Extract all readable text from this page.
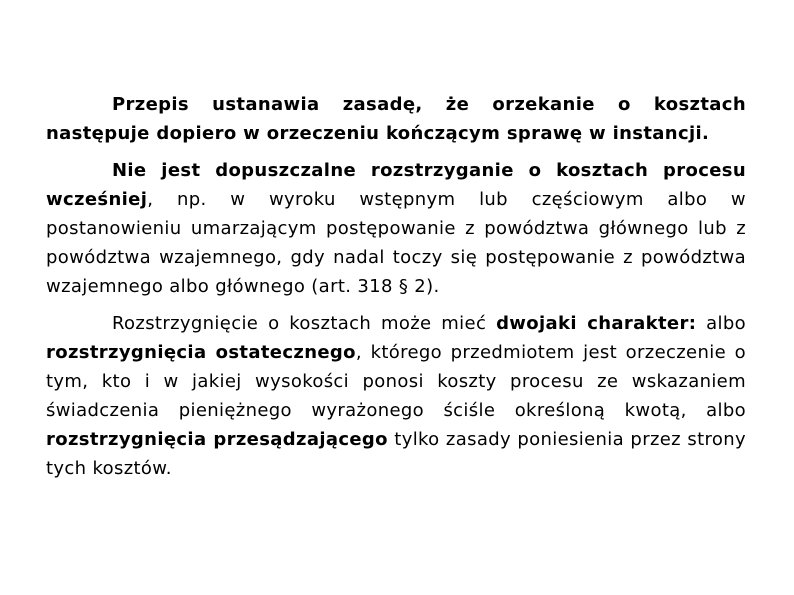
Przepis ustanawia zasadę, że orzekanie o kosztach następuje dopiero w orzeczeniu kończącym sprawę w instancji.

Nie jest dopuszczalne rozstrzyganie o kosztach procesu wcześniej, np. w wyroku wstępnym lub częściowym albo w postanowieniu umarzającym postępowanie z powództwa głównego lub z powództwa wzajemnego, gdy nadal toczy się postępowanie z powództwa wzajemnego albo głównego (art. 318 § 2).

Rozstrzygnięcie o kosztach może mieć dwojaki charakter: albo rozstrzygnięcia ostatecznego, którego przedmiotem jest orzeczenie o tym, kto i w jakiej wysokości ponosi koszty procesu ze wskazaniem świadczenia pieniężnego wyrażonego ściśle określoną kwotą, albo rozstrzygnięcia przesądzającego tylko zasady poniesienia przez strony tych kosztów.
